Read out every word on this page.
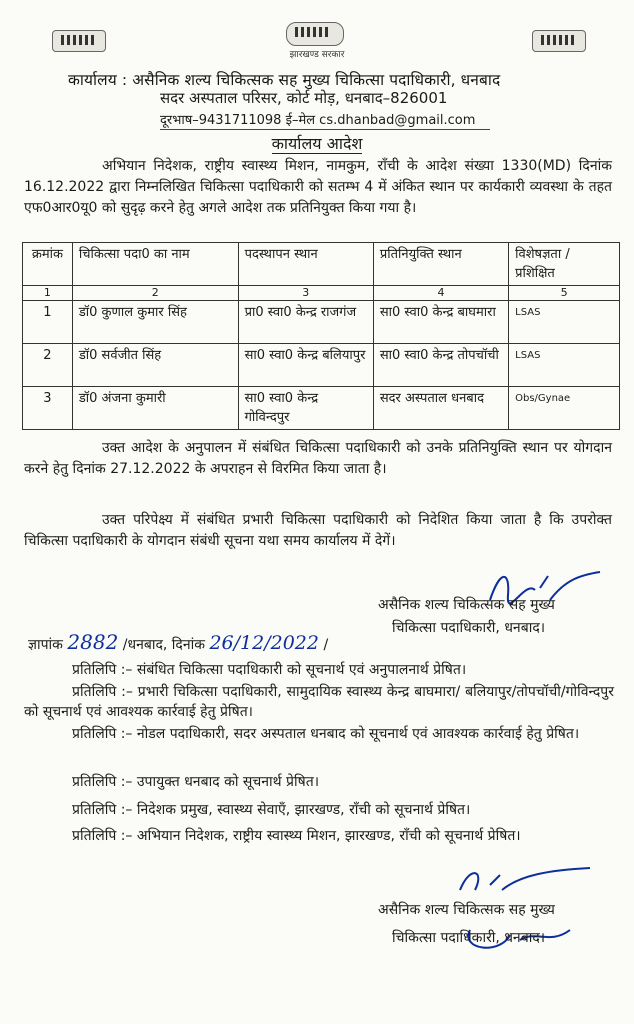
झारखण्ड सरकार
कार्यालय : असैनिक शल्य चिकित्सक सह मुख्य चिकित्सा पदाधिकारी, धनबाद
सदर अस्पताल परिसर, कोर्ट मोड़, धनबाद–826001
दूरभाष–9431711098 ई–मेल cs.dhanbad@gmail.com
कार्यालय आदेश
अभियान निदेशक, राष्ट्रीय स्वास्थ्य मिशन, नामकुम, राँची के आदेश संख्या 1330(MD) दिनांक 16.12.2022 द्वारा निम्नलिखित चिकित्सा पदाधिकारी को सतम्भ 4 में अंकित स्थान पर कार्यकारी व्यवस्था के तहत एफ0आर0यू0 को सुदृढ़ करने हेतु अगले आदेश तक प्रतिनियुक्त किया गया है।
क्रमांक	चिकित्सा पदा0 का नाम	पदस्थापन स्थान	प्रतिनियुक्ति स्थान	विशेषज्ञता / प्रशिक्षित
1	2	3	4	5
1	डॉ0 कुणाल कुमार सिंह	प्रा0 स्वा0 केन्द्र राजगंज	सा0 स्वा0 केन्द्र बाघमारा	LSAS
2	डॉ0 सर्वजीत सिंह	सा0 स्वा0 केन्द्र बलियापुर	सा0 स्वा0 केन्द्र तोपचॉची	LSAS
3	डॉ0 अंजना कुमारी	सा0 स्वा0 केन्द्र गोविन्दपुर	सदर अस्पताल धनबाद	Obs/Gynae
उक्त आदेश के अनुपालन में संबंधित चिकित्सा पदाधिकारी को उनके प्रतिनियुक्ति स्थान पर योगदान करने हेतु दिनांक 27.12.2022 के अपराहन से विरमित किया जाता है।
उक्त परिपेक्ष्य में संबंधित प्रभारी चिकित्सा पदाधिकारी को निदेशित किया जाता है कि उपरोक्त चिकित्सा पदाधिकारी के योगदान संबंधी सूचना यथा समय कार्यालय में देगें।
असैनिक शल्य चिकित्सक सह मुख्य
चिकित्सा पदाधिकारी, धनबाद।
ज्ञापांक 2882 /धनबाद, दिनांक 26/12/2022 /
प्रतिलिपि :– संबंधित चिकित्सा पदाधिकारी को सूचनार्थ एवं अनुपालनार्थ प्रेषित।
प्रतिलिपि :– प्रभारी चिकित्सा पदाधिकारी, सामुदायिक स्वास्थ्य केन्द्र बाघमारा/ बलियापुर/तोपचॉची/गोविन्दपुर को सूचनार्थ एवं आवश्यक कार्रवाई हेतु प्रेषित।
प्रतिलिपि :– नोडल पदाधिकारी, सदर अस्पताल धनबाद को सूचनार्थ एवं आवश्यक कार्रवाई हेतु प्रेषित।
प्रतिलिपि :– उपायुक्त धनबाद को सूचनार्थ प्रेषित।
प्रतिलिपि :– निदेशक प्रमुख, स्वास्थ्य सेवाएँ, झारखण्ड, राँची को सूचनार्थ प्रेषित।
प्रतिलिपि :– अभियान निदेशक, राष्ट्रीय स्वास्थ्य मिशन, झारखण्ड, राँची को सूचनार्थ प्रेषित।
असैनिक शल्य चिकित्सक सह मुख्य
चिकित्सा पदाधिकारी, धनबाद।
